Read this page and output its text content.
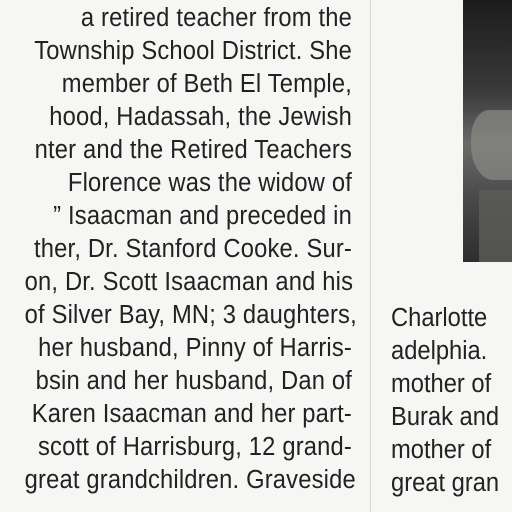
a retired teacher from the
Township School District. She
member of Beth El Temple,
hood, Hadassah, the Jewish
nter and the Retired Teachers
Florence was the widow of
” Isaacman and preceded in
ther, Dr. Stanford Cooke. Sur-
on, Dr. Scott Isaacman and his
of Silver Bay, MN; 3 daughters,
her husband, Pinny of Harris-
bsin and her husband, Dan of
Karen Isaacman and her part-
scott of Harrisburg, 12 grand-
great grandchildren. Graveside
Charlotte
adelphia.
mother of
Burak and
mother of
great gran
